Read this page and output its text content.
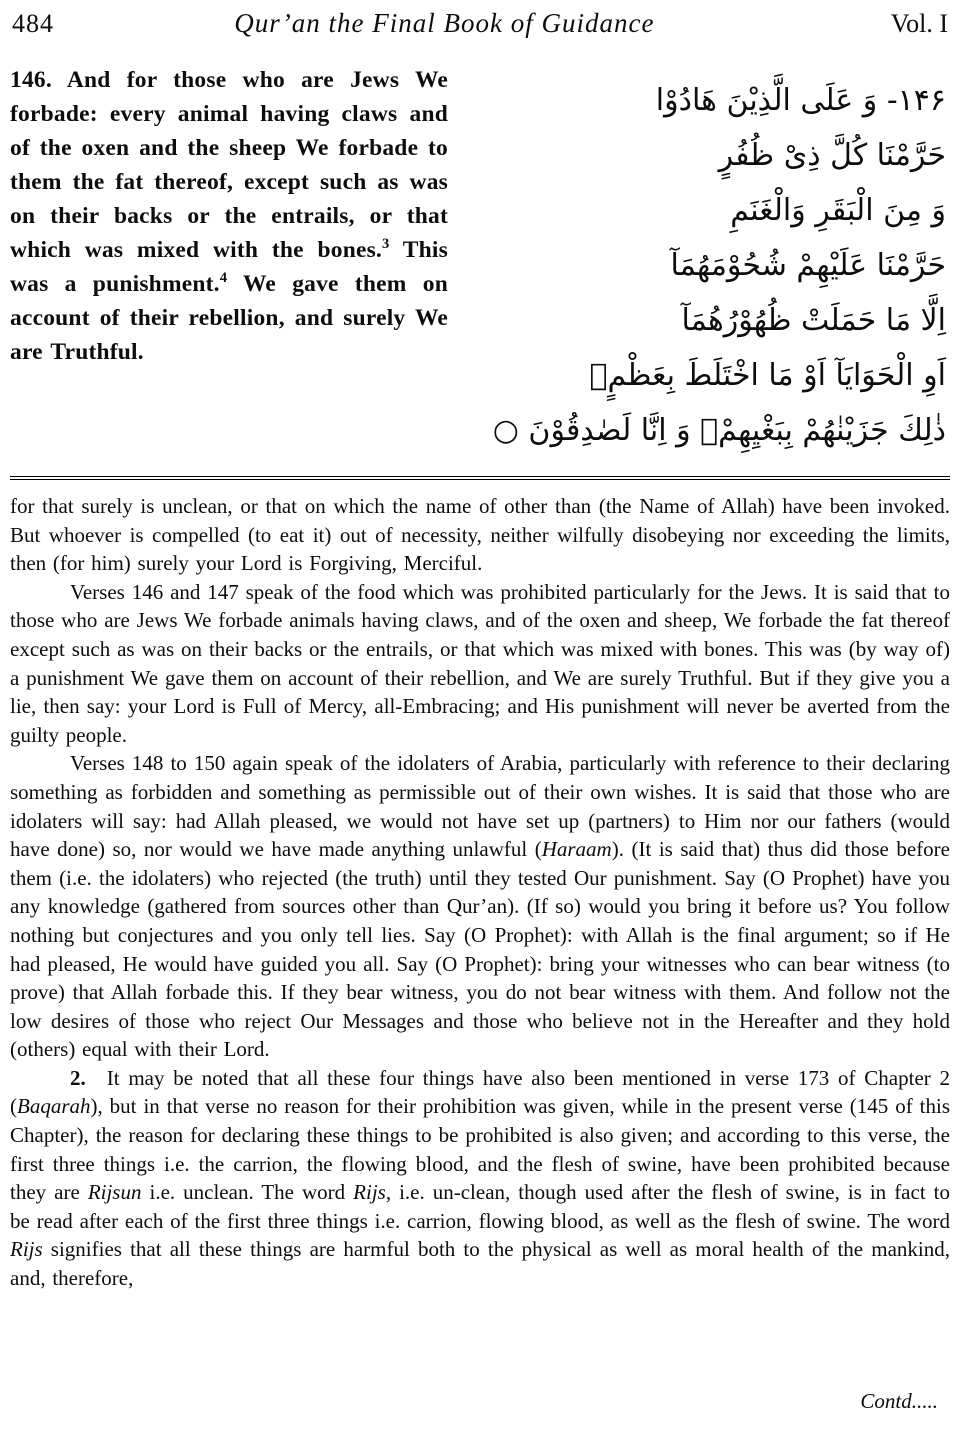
484	Qur’an the Final Book of Guidance	Vol. I
146. And for those who are Jews We forbade: every animal having claws and of the oxen and the sheep We forbade to them the fat thereof, except such as was on their backs or the entrails, or that which was mixed with the bones.$^3$ This was a punishment.$^4$ We gave them on account of their rebellion, and surely We are Truthful.
۱۴۶- وَ عَلَى الَّذِيْنَ هَادُوْا
حَرَّمْنَا كُلَّ ذِىْ ظُفُرٍ
وَ مِنَ الْبَقَرِ وَالْغَنَمِ
حَرَّمْنَا عَلَيْهِمْ شُحُوْمَهُمَآ
اِلَّا مَا حَمَلَتْ ظُهُوْرُهُمَآ
اَوِ الْحَوَايَآ اَوْ مَا اخْتَلَطَ بِعَظْمٍۘ
ذٰلِكَ جَزَيْنٰهُمْ بِبَغْيِهِمْۛ وَ اِنَّا لَصٰدِقُوْنَ ○

for that surely is unclean, or that on which the name of other than (the Name of Allah) have been invoked. But whoever is compelled (to eat it) out of necessity, neither wilfully disobeying nor exceeding the limits, then (for him) surely your Lord is Forgiving, Merciful.

Verses 146 and 147 speak of the food which was prohibited particularly for the Jews. It is said that to those who are Jews We forbade animals having claws, and of the oxen and sheep, We forbade the fat thereof except such as was on their backs or the entrails, or that which was mixed with bones. This was (by way of) a punishment We gave them on account of their rebellion, and We are surely Truthful. But if they give you a lie, then say: your Lord is Full of Mercy, all-Embracing; and His punishment will never be averted from the guilty people.

Verses 148 to 150 again speak of the idolaters of Arabia, particularly with reference to their declaring something as forbidden and something as permissible out of their own wishes. It is said that those who are idolaters will say: had Allah pleased, we would not have set up (partners) to Him nor our fathers (would have done) so, nor would we have made anything unlawful (Haraam). (It is said that) thus did those before them (i.e. the idolaters) who rejected (the truth) until they tested Our punishment. Say (O Prophet) have you any knowledge (gathered from sources other than Qur’an). (If so) would you bring it before us? You follow nothing but conjectures and you only tell lies. Say (O Prophet): with Allah is the final argument; so if He had pleased, He would have guided you all. Say (O Prophet): bring your witnesses who can bear witness (to prove) that Allah forbade this. If they bear witness, you do not bear witness with them. And follow not the low desires of those who reject Our Messages and those who believe not in the Hereafter and they hold (others) equal with their Lord.

2. It may be noted that all these four things have also been mentioned in verse 173 of Chapter 2 (Baqarah), but in that verse no reason for their prohibition was given, while in the present verse (145 of this Chapter), the reason for declaring these things to be prohibited is also given; and according to this verse, the first three things i.e. the carrion, the flowing blood, and the flesh of swine, have been prohibited because they are Rijsun i.e. unclean. The word Rijs, i.e. un-clean, though used after the flesh of swine, is in fact to be read after each of the first three things i.e. carrion, flowing blood, as well as the flesh of swine. The word Rijs signifies that all these things are harmful both to the physical as well as moral health of the mankind, and, therefore,

Contd.....
